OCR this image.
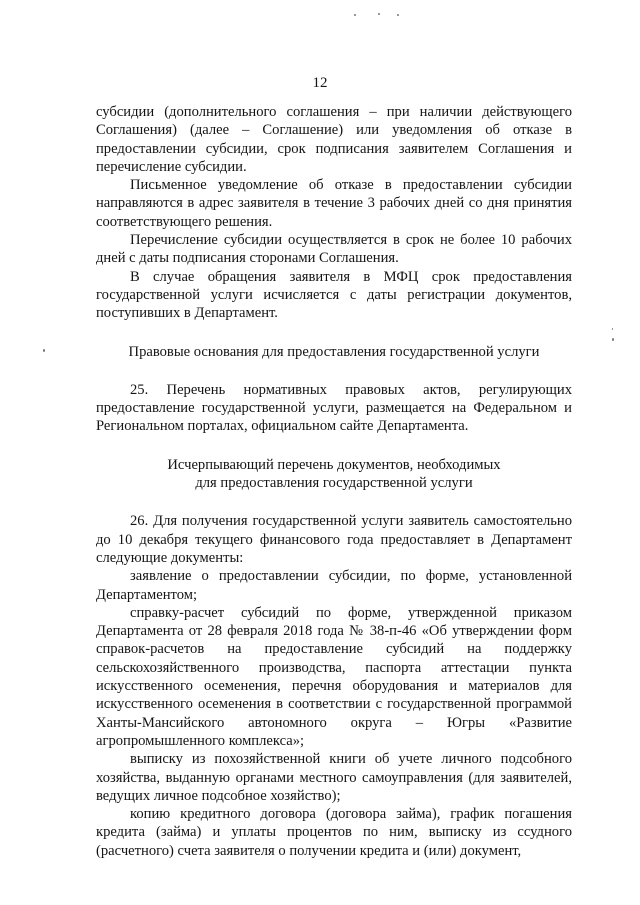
12

субсидии (дополнительного соглашения – при наличии действующего Соглашения) (далее – Соглашение) или уведомления об отказе в предоставлении субсидии, срок подписания заявителем Соглашения и перечисление субсидии.

Письменное уведомление об отказе в предоставлении субсидии направляются в адрес заявителя в течение 3 рабочих дней со дня принятия соответствующего решения.

Перечисление субсидии осуществляется в срок не более 10 рабочих дней с даты подписания сторонами Соглашения.

В случае обращения заявителя в МФЦ срок предоставления государственной услуги исчисляется с даты регистрации документов, поступивших в Департамент.

Правовые основания для предоставления государственной услуги

25. Перечень нормативных правовых актов, регулирующих предоставление государственной услуги, размещается на Федеральном и Региональном порталах, официальном сайте Департамента.

Исчерпывающий перечень документов, необходимых

для предоставления государственной услуги

26. Для получения государственной услуги заявитель самостоятельно до 10 декабря текущего финансового года предоставляет в Департамент следующие документы:

заявление о предоставлении субсидии, по форме, установленной Департаментом;

справку-расчет субсидий по форме, утвержденной приказом Департамента от 28 февраля 2018 года № 38-п-46 «Об утверждении форм справок-расчетов на предоставление субсидий на поддержку сельскохозяйственного производства, паспорта аттестации пункта искусственного осеменения, перечня оборудования и материалов для искусственного осеменения в соответствии с государственной программой Ханты-Мансийского автономного округа – Югры «Развитие агропромышленного комплекса»;

выписку из похозяйственной книги об учете личного подсобного хозяйства, выданную органами местного самоуправления (для заявителей, ведущих личное подсобное хозяйство);

копию кредитного договора (договора займа), график погашения кредита (займа) и уплаты процентов по ним, выписку из ссудного (расчетного) счета заявителя о получении кредита и (или) документ,
